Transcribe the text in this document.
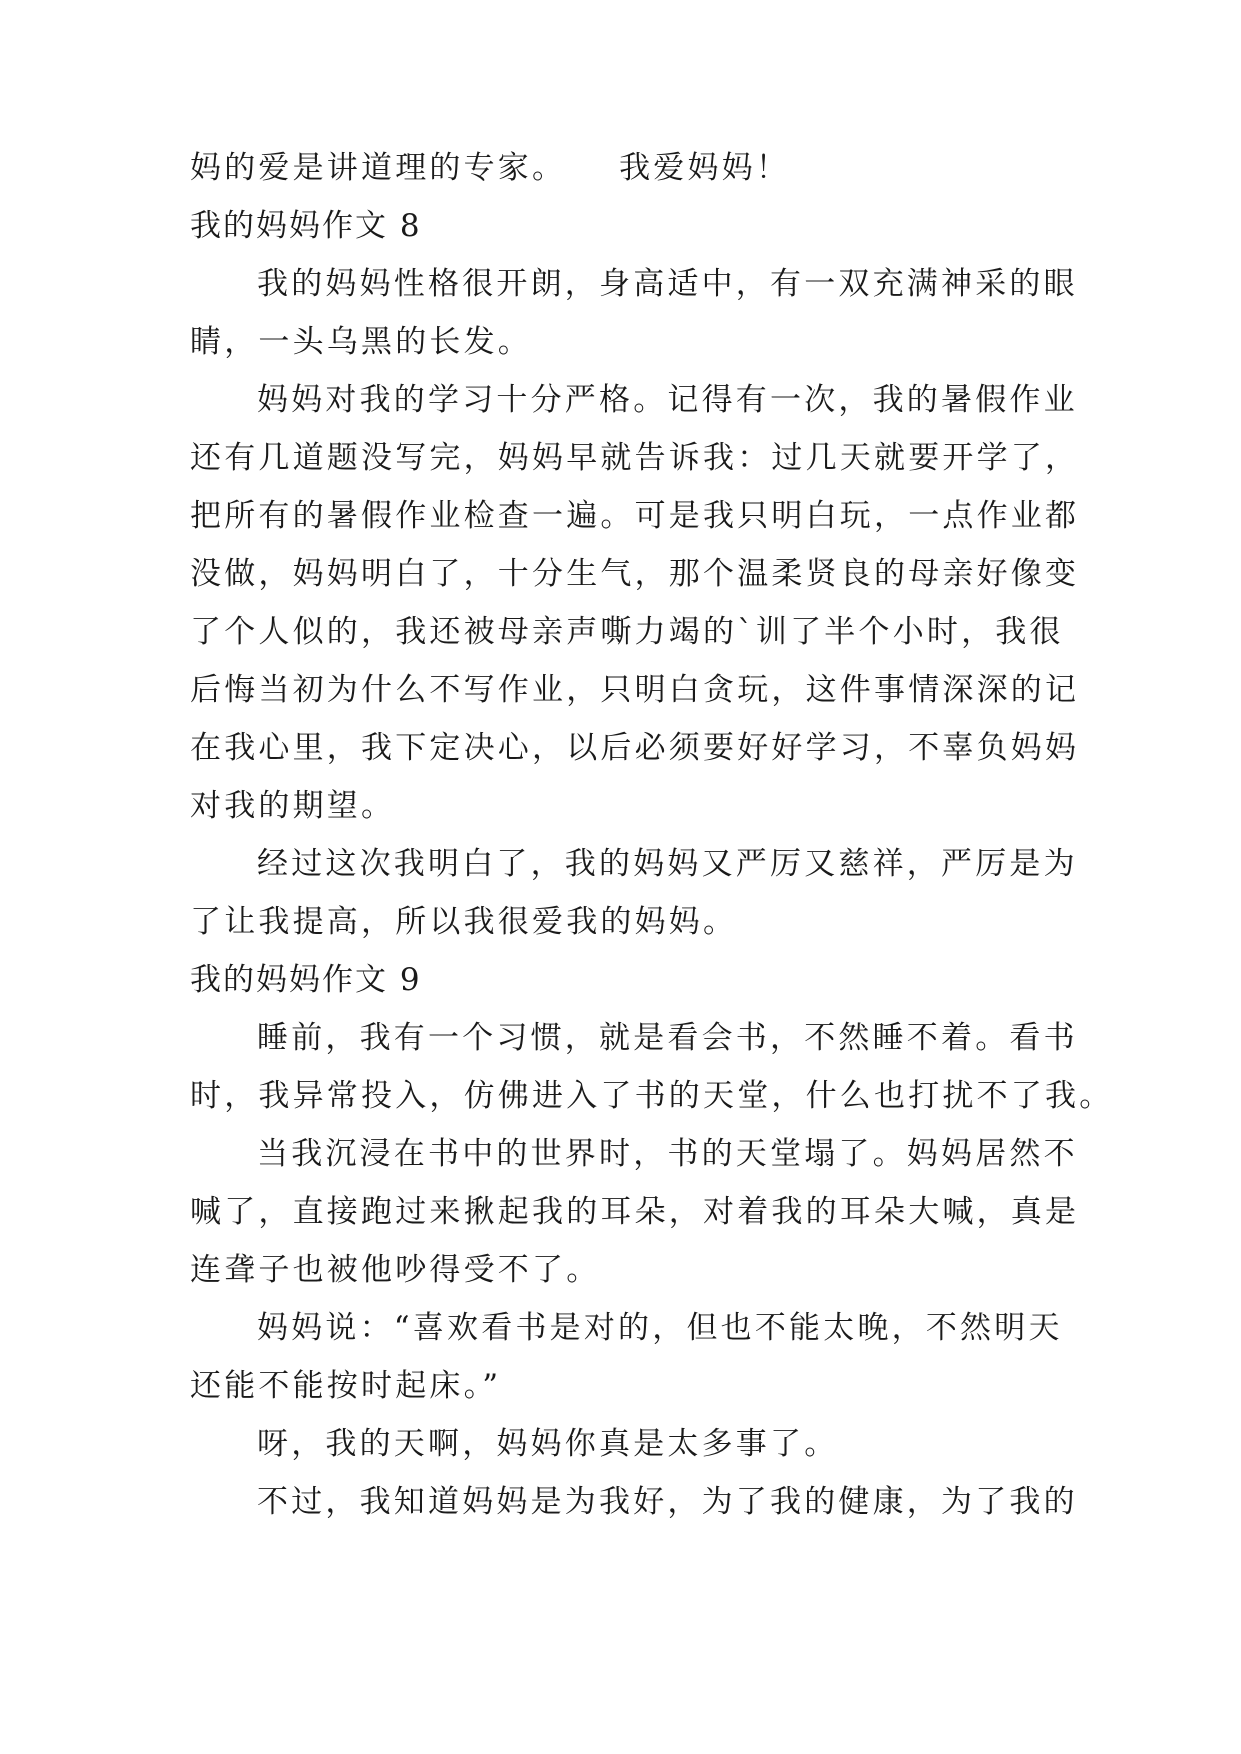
妈的爱是讲道理的专家。　　我爱妈妈！
我的妈妈作文 8
我的妈妈性格很开朗，身高适中，有一双充满神采的眼
睛，一头乌黑的长发。
妈妈对我的学习十分严格。记得有一次，我的暑假作业
还有几道题没写完，妈妈早就告诉我：过几天就要开学了，
把所有的暑假作业检查一遍。可是我只明白玩，一点作业都
没做，妈妈明白了，十分生气，那个温柔贤良的母亲好像变
了个人似的，我还被母亲声嘶力竭的`训了半个小时，我很
后悔当初为什么不写作业，只明白贪玩，这件事情深深的记
在我心里，我下定决心，以后必须要好好学习，不辜负妈妈
对我的期望。
经过这次我明白了，我的妈妈又严厉又慈祥，严厉是为
了让我提高，所以我很爱我的妈妈。
我的妈妈作文 9
睡前，我有一个习惯，就是看会书，不然睡不着。看书
时，我异常投入，仿佛进入了书的天堂，什么也打扰不了我。
当我沉浸在书中的世界时，书的天堂塌了。妈妈居然不
喊了，直接跑过来揪起我的耳朵，对着我的耳朵大喊，真是
连聋子也被他吵得受不了。
妈妈说：“喜欢看书是对的，但也不能太晚，不然明天
还能不能按时起床。”
呀，我的天啊，妈妈你真是太多事了。
不过，我知道妈妈是为我好，为了我的健康，为了我的
